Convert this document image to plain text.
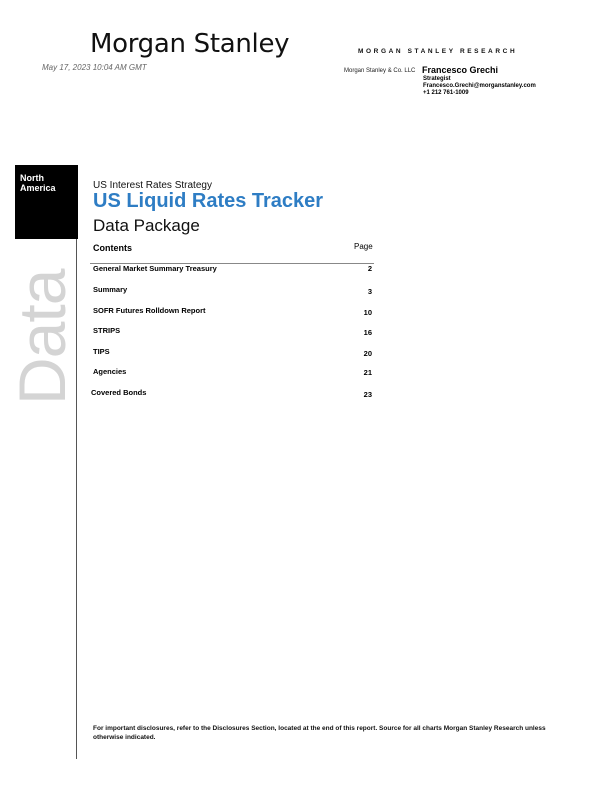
Morgan Stanley
May 17, 2023 10:04 AM GMT
MORGAN STANLEY RESEARCH
Morgan Stanley & Co. LLC Francesco Grechi
Strategist
Francesco.Grechi@morganstanley.com
+1 212 761-1009
North
America
Data
US Interest Rates Strategy
US Liquid Rates Tracker
Data Package
Contents	Page
General Market Summary Treasury	2
Summary	3
SOFR Futures Rolldown Report	10
STRIPS	16
TIPS	20
Agencies	21
Covered Bonds	23
For important disclosures, refer to the Disclosures Section, located at the end of this report. Source for all charts Morgan Stanley Research unless otherwise indicated.
